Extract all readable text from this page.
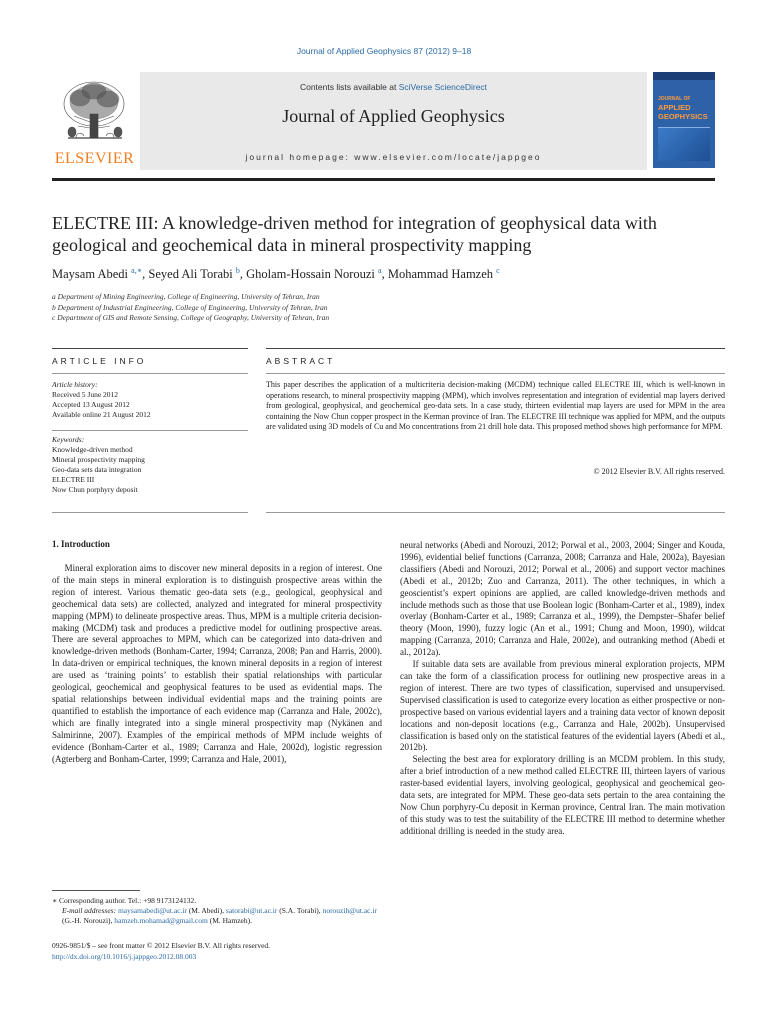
Journal of Applied Geophysics 87 (2012) 9–18
ELSEVIER
Contents lists available at SciVerse ScienceDirect
Journal of Applied Geophysics
journal homepage: www.elsevier.com/locate/jappgeo
JOURNAL OF
APPLIED
GEOPHYSICS
ELECTRE III: A knowledge-driven method for integration of geophysical data with geological and geochemical data in mineral prospectivity mapping
Maysam Abedi $^{a,∗}$, Seyed Ali Torabi $^b$, Gholam-Hossain Norouzi $^a$, Mohammad Hamzeh $^c$
a Department of Mining Engineering, College of Engineering, University of Tehran, Iran
b Department of Industrial Engineering, College of Engineering, University of Tehran, Iran
c Department of GIS and Remote Sensing, College of Geography, University of Tehran, Iran
ARTICLE INFO	ABSTRACT
Article history:
Received 5 June 2012
Accepted 13 August 2012
Available online 21 August 2012
Keywords:
Knowledge-driven method
Mineral prospectivity mapping
Geo-data sets data integration
ELECTRE III
Now Chun porphyry deposit
This paper describes the application of a multicriteria decision-making (MCDM) technique called ELECTRE III, which is well-known in operations research, to mineral prospectivity mapping (MPM), which involves representation and integration of evidential map layers derived from geological, geophysical, and geochemical geo-data sets. In a case study, thirteen evidential map layers are used for MPM in the area containing the Now Chun copper prospect in the Kerman province of Iran. The ELECTRE III technique was applied for MPM, and the outputs are validated using 3D models of Cu and Mo concentrations from 21 drill hole data. This proposed method shows high performance for MPM.
© 2012 Elsevier B.V. All rights reserved.
1. Introduction

Mineral exploration aims to discover new mineral deposits in a region of interest. One of the main steps in mineral exploration is to distinguish prospective areas within the region of interest. Various thematic geo-data sets (e.g., geological, geophysical and geochemical data sets) are collected, analyzed and integrated for mineral prospectivity mapping (MPM) to delineate prospective areas. Thus, MPM is a multiple criteria decision-making (MCDM) task and produces a predictive model for outlining prospective areas. There are several approaches to MPM, which can be categorized into data-driven and knowledge-driven methods (Bonham-Carter, 1994; Carranza, 2008; Pan and Harris, 2000). In data-driven or empirical techniques, the known mineral deposits in a region of interest are used as ‘training points’ to establish their spatial relationships with particular geological, geochemical and geophysical features to be used as evidential maps. The spatial relationships between individual evidential maps and the training points are quantified to establish the importance of each evidence map (Carranza and Hale, 2002c), which are finally integrated into a single mineral prospectivity map (Nykänen and Salmirinne, 2007). Examples of the empirical methods of MPM include weights of evidence (Bonham-Carter et al., 1989; Carranza and Hale, 2002d), logistic regression (Agterberg and Bonham-Carter, 1999; Carranza and Hale, 2001),

neural networks (Abedi and Norouzi, 2012; Porwal et al., 2003, 2004; Singer and Kouda, 1996), evidential belief functions (Carranza, 2008; Carranza and Hale, 2002a), Bayesian classifiers (Abedi and Norouzi, 2012; Porwal et al., 2006) and support vector machines (Abedi et al., 2012b; Zuo and Carranza, 2011). The other techniques, in which a geoscientist’s expert opinions are applied, are called knowledge-driven methods and include methods such as those that use Boolean logic (Bonham-Carter et al., 1989), index overlay (Bonham-Carter et al., 1989; Carranza et al., 1999), the Dempster–Shafer belief theory (Moon, 1990), fuzzy logic (An et al., 1991; Chung and Moon, 1990), wildcat mapping (Carranza, 2010; Carranza and Hale, 2002e), and outranking method (Abedi et al., 2012a).

If suitable data sets are available from previous mineral exploration projects, MPM can take the form of a classification process for outlining new prospective areas in a region of interest. There are two types of classification, supervised and unsupervised. Supervised classification is used to categorize every location as either prospective or non-prospective based on various evidential layers and a training data vector of known deposit locations and non-deposit locations (e.g., Carranza and Hale, 2002b). Unsupervised classification is based only on the statistical features of the evidential layers (Abedi et al., 2012b).

Selecting the best area for exploratory drilling is an MCDM problem. In this study, after a brief introduction of a new method called ELECTRE III, thirteen layers of various raster-based evidential layers, involving geological, geophysical and geochemical geo-data sets, are integrated for MPM. These geo-data sets pertain to the area containing the Now Chun porphyry-Cu deposit in Kerman province, Central Iran. The main motivation of this study was to test the suitability of the ELECTRE III method to determine whether additional drilling is needed in the study area.

∗ Corresponding author. Tel.: +98 9173124132.
E-mail addresses: maysamabedi@ut.ac.ir (M. Abedi), satorabi@ut.ac.ir (S.A. Torabi), norouzih@ut.ac.ir (G.-H. Norouzi), hamzeh.mohamad@gmail.com (M. Hamzeh).
0926-9851/$ – see front matter © 2012 Elsevier B.V. All rights reserved.
http://dx.doi.org/10.1016/j.jappgeo.2012.08.003
